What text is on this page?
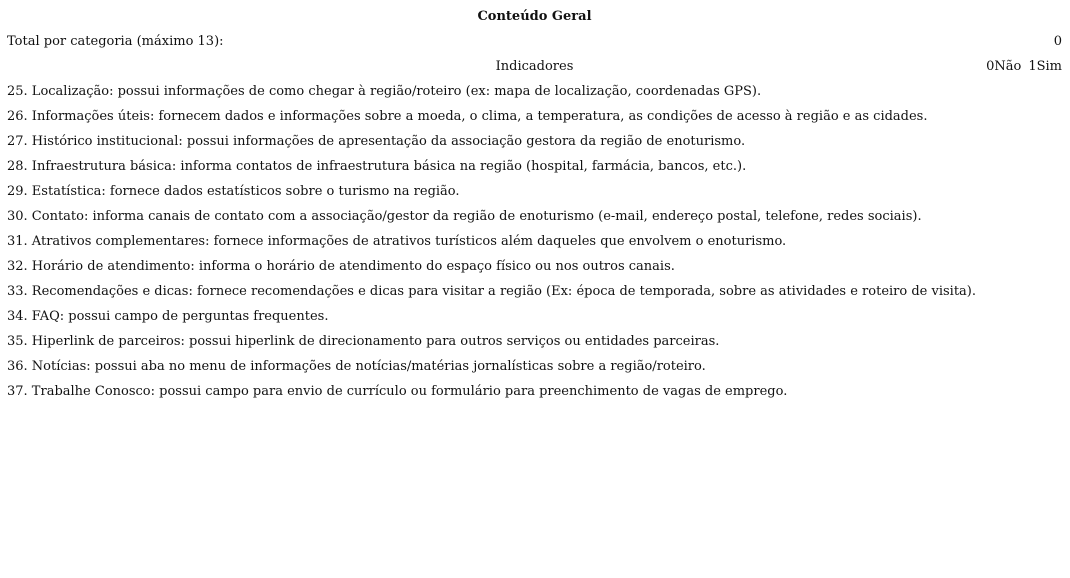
Conteúdo Geral
Total por categoria (máximo 13):	0
Indicadores	0Não 1Sim
25. Localização: possui informações de como chegar à região/roteiro (ex: mapa de localização, coordenadas GPS).
26. Informações úteis: fornecem dados e informações sobre a moeda, o clima, a temperatura, as condições de acesso à região e as cidades.
27. Histórico institucional: possui informações de apresentação da associação gestora da região de enoturismo.
28. Infraestrutura básica: informa contatos de infraestrutura básica na região (hospital, farmácia, bancos, etc.).
29. Estatística: fornece dados estatísticos sobre o turismo na região.
30. Contato: informa canais de contato com a associação/gestor da região de enoturismo (e-mail, endereço postal, telefone, redes sociais).
31. Atrativos complementares: fornece informações de atrativos turísticos além daqueles que envolvem o enoturismo.
32. Horário de atendimento: informa o horário de atendimento do espaço físico ou nos outros canais.
33. Recomendações e dicas: fornece recomendações e dicas para visitar a região (Ex: época de temporada, sobre as atividades e roteiro de visita).
34. FAQ: possui campo de perguntas frequentes.
35. Hiperlink de parceiros: possui hiperlink de direcionamento para outros serviços ou entidades parceiras.
36. Notícias: possui aba no menu de informações de notícias/matérias jornalísticas sobre a região/roteiro.
37. Trabalhe Conosco: possui campo para envio de currículo ou formulário para preenchimento de vagas de emprego.
